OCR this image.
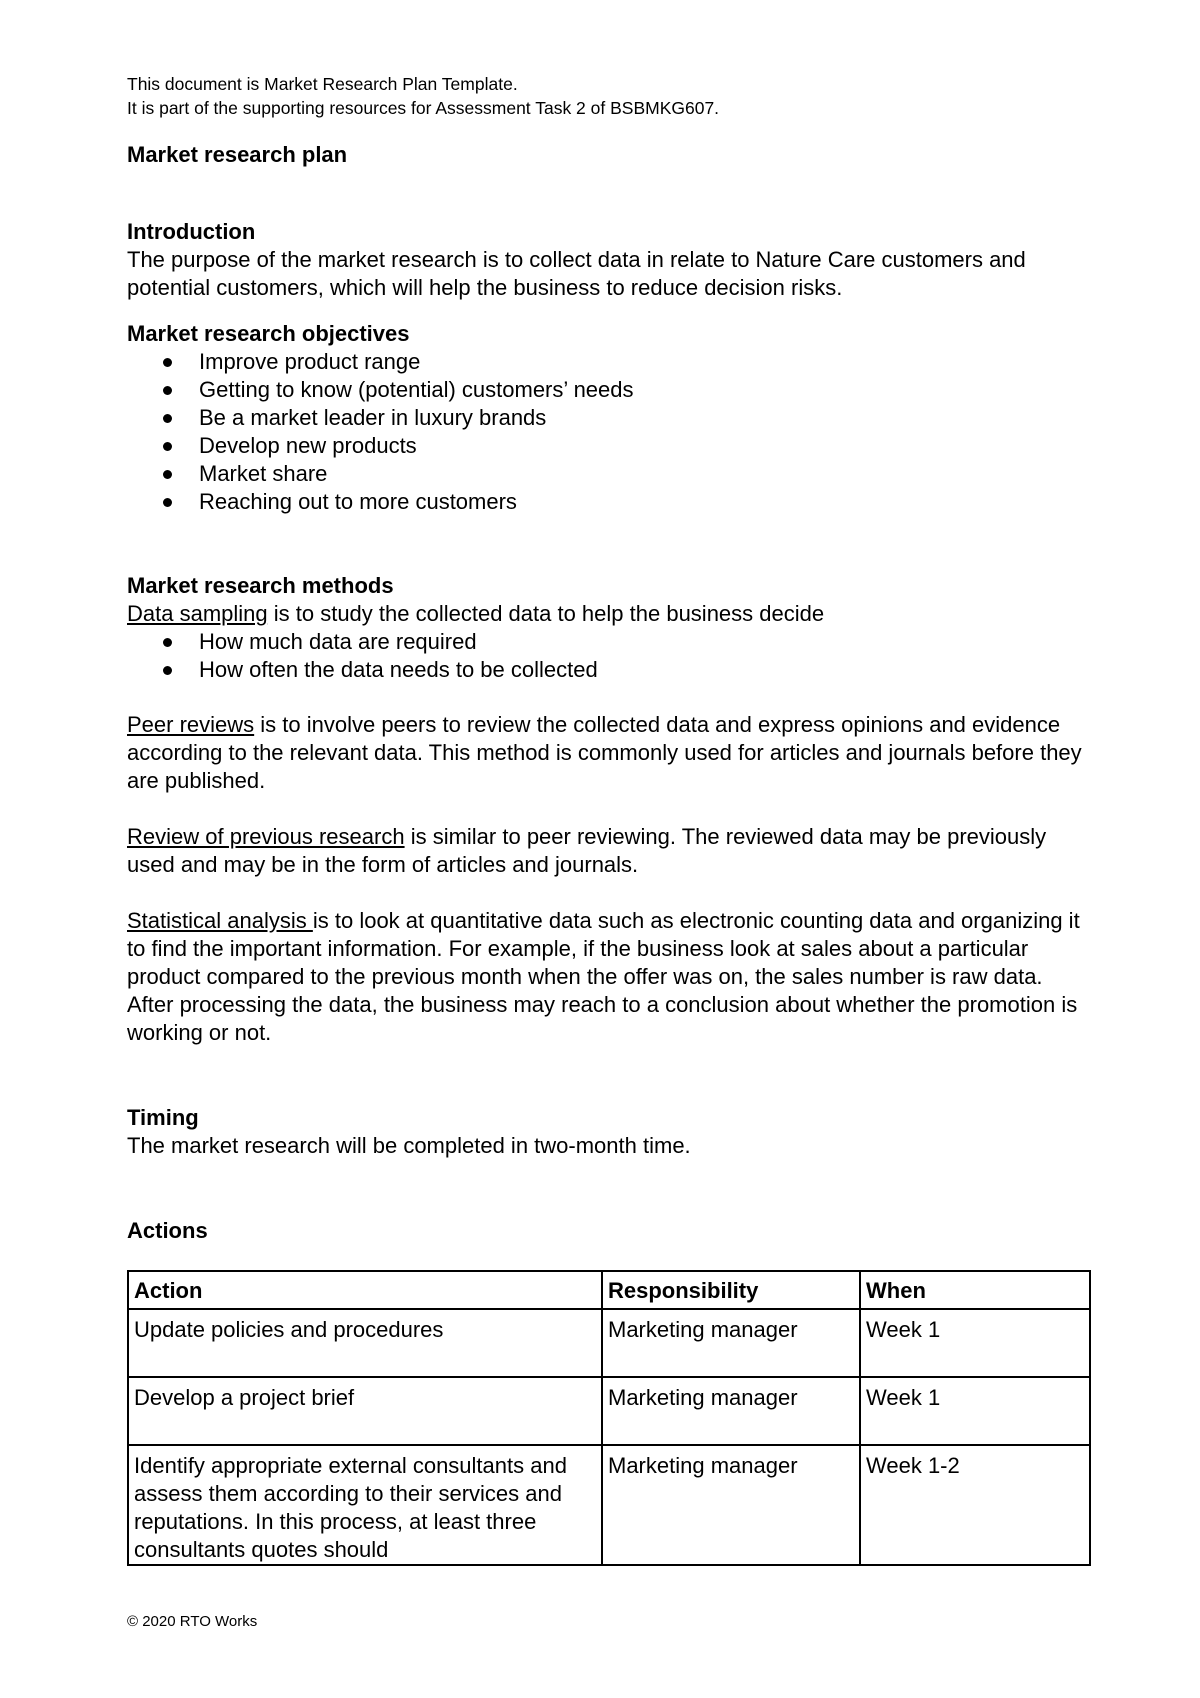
This document is Market Research Plan Template.
It is part of the supporting resources for Assessment Task 2 of BSBMKG607.
Market research plan
Introduction
The purpose of the market research is to collect data in relate to Nature Care customers and potential customers, which will help the business to reduce decision risks.
Market research objectives
Improve product range
Getting to know (potential) customers’ needs
Be a market leader in luxury brands
Develop new products
Market share
Reaching out to more customers
Market research methods
Data sampling is to study the collected data to help the business decide
How much data are required
How often the data needs to be collected
Peer reviews is to involve peers to review the collected data and express opinions and evidence according to the relevant data. This method is commonly used for articles and journals before they are published.
Review of previous research is similar to peer reviewing. The reviewed data may be previously used and may be in the form of articles and journals.
Statistical analysis is to look at quantitative data such as electronic counting data and organizing it to find the important information. For example, if the business look at sales about a particular product compared to the previous month when the offer was on, the sales number is raw data. After processing the data, the business may reach to a conclusion about whether the promotion is working or not.
Timing
The market research will be completed in two-month time.
Actions
Action	Responsibility	When
Update policies and procedures	Marketing manager	Week 1
Develop a project brief	Marketing manager	Week 1
Identify appropriate external consultants and assess them according to their services and reputations. In this process, at least three consultants quotes should	Marketing manager	Week 1-2
© 2020 RTO Works
